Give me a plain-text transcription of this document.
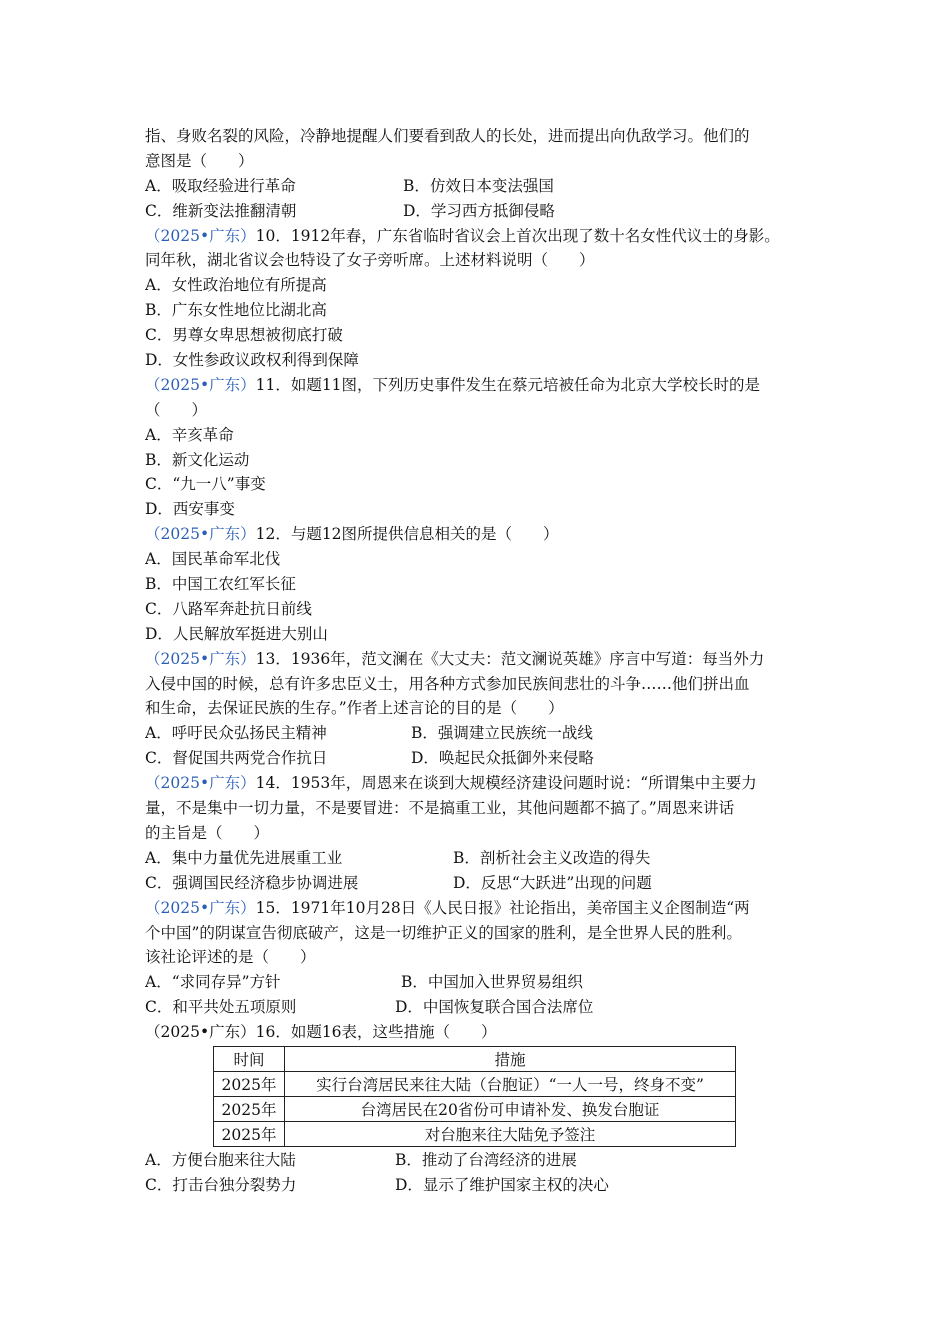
指、身败名裂的风险，冷静地提醒人们要看到敌人的长处，进而提出向仇敌学习。他们的
意图是（　　）
A．吸取经验进行革命	B．仿效日本变法强国
C．维新变法推翻清朝	D．学习西方抵御侵略
（2025•广东）10．1912年春，广东省临时省议会上首次出现了数十名女性代议士的身影。
同年秋，湖北省议会也特设了女子旁听席。上述材料说明（　　）
A．女性政治地位有所提高
B．广东女性地位比湖北高
C．男尊女卑思想被彻底打破
D．女性参政议政权利得到保障
（2025•广东）11．如题11图，下列历史事件发生在蔡元培被任命为北京大学校长时的是
（　　）
A．辛亥革命
B．新文化运动
C．“九一八”事变
D．西安事变
（2025•广东）12．与题12图所提供信息相关的是（　　）
A．国民革命军北伐
B．中国工农红军长征
C．八路军奔赴抗日前线
D．人民解放军挺进大别山
（2025•广东）13．1936年，范文澜在《大丈夫：范文澜说英雄》序言中写道：每当外力
入侵中国的时候，总有许多忠臣义士，用各种方式参加民族间悲壮的斗争……他们拼出血
和生命，去保证民族的生存。”作者上述言论的目的是（　　）
A．呼吁民众弘扬民主精神	B．强调建立民族统一战线
C．督促国共两党合作抗日	D．唤起民众抵御外来侵略
（2025•广东）14．1953年，周恩来在谈到大规模经济建设问题时说：“所谓集中主要力
量，不是集中一切力量，不是要冒进：不是搞重工业，其他问题都不搞了。”周恩来讲话
的主旨是（　　）
A．集中力量优先进展重工业	B．剖析社会主义改造的得失
C．强调国民经济稳步协调进展	D．反思“大跃进”出现的问题
（2025•广东）15．1971年10月28日《人民日报》社论指出，美帝国主义企图制造“两
个中国”的阴谋宣告彻底破产，这是一切维护正义的国家的胜利，是全世界人民的胜利。
该社论评述的是（　　）
A．“求同存异”方针	B．中国加入世界贸易组织
C．和平共处五项原则	D．中国恢复联合国合法席位
（2025•广东）16．如题16表，这些措施（　　）
时间	措施
2025年	实行台湾居民来往大陆（台胞证）“一人一号，终身不变”
2025年	台湾居民在20省份可申请补发、换发台胞证
2025年	对台胞来往大陆免予签注
A．方便台胞来往大陆	B．推动了台湾经济的进展
C．打击台独分裂势力	D．显示了维护国家主权的决心
